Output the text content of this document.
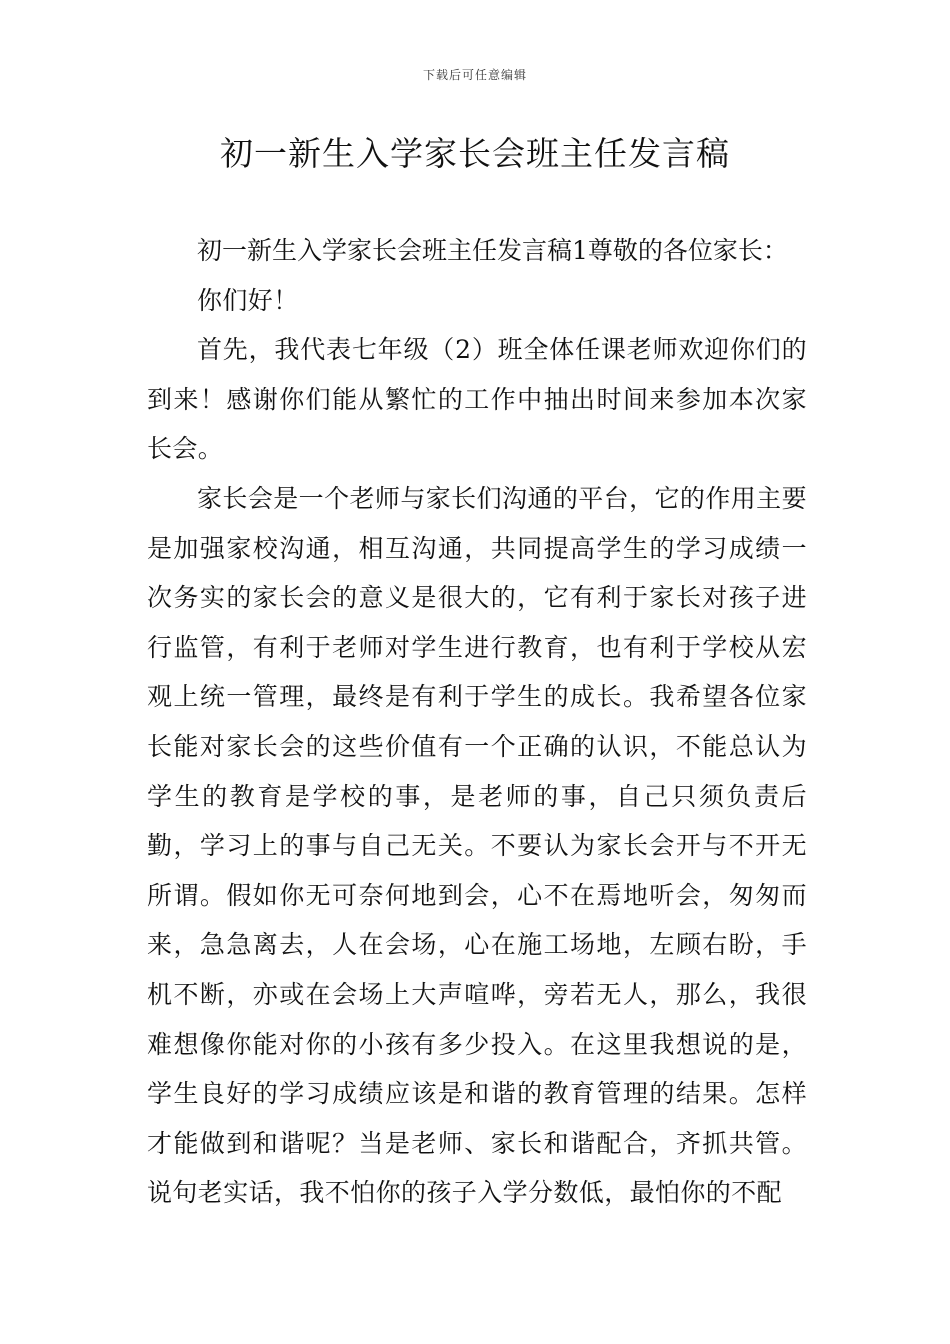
下载后可任意编辑
初一新生入学家长会班主任发言稿

初一新生入学家长会班主任发言稿1尊敬的各位家长：

你们好！

首先，我代表七年级（2）班全体任课老师欢迎你们的到来！感谢你们能从繁忙的工作中抽出时间来参加本次家长会。

家长会是一个老师与家长们沟通的平台，它的作用主要是加强家校沟通，相互沟通，共同提高学生的学习成绩一次务实的家长会的意义是很大的，它有利于家长对孩子进行监管，有利于老师对学生进行教育，也有利于学校从宏观上统一管理，最终是有利于学生的成长。我希望各位家长能对家长会的这些价值有一个正确的认识，不能总认为学生的教育是学校的事，是老师的事，自己只须负责后勤，学习上的事与自己无关。不要认为家长会开与不开无所谓。假如你无可奈何地到会，心不在焉地听会，匆匆而来，急急离去，人在会场，心在施工场地，左顾右盼，手机不断，亦或在会场上大声喧哗，旁若无人，那么，我很难想像你能对你的小孩有多少投入。在这里我想说的是，学生良好的学习成绩应该是和谐的教育管理的结果。怎样才能做到和谐呢？当是老师、家长和谐配合，齐抓共管。说句老实话，我不怕你的孩子入学分数低，最怕你的不配
